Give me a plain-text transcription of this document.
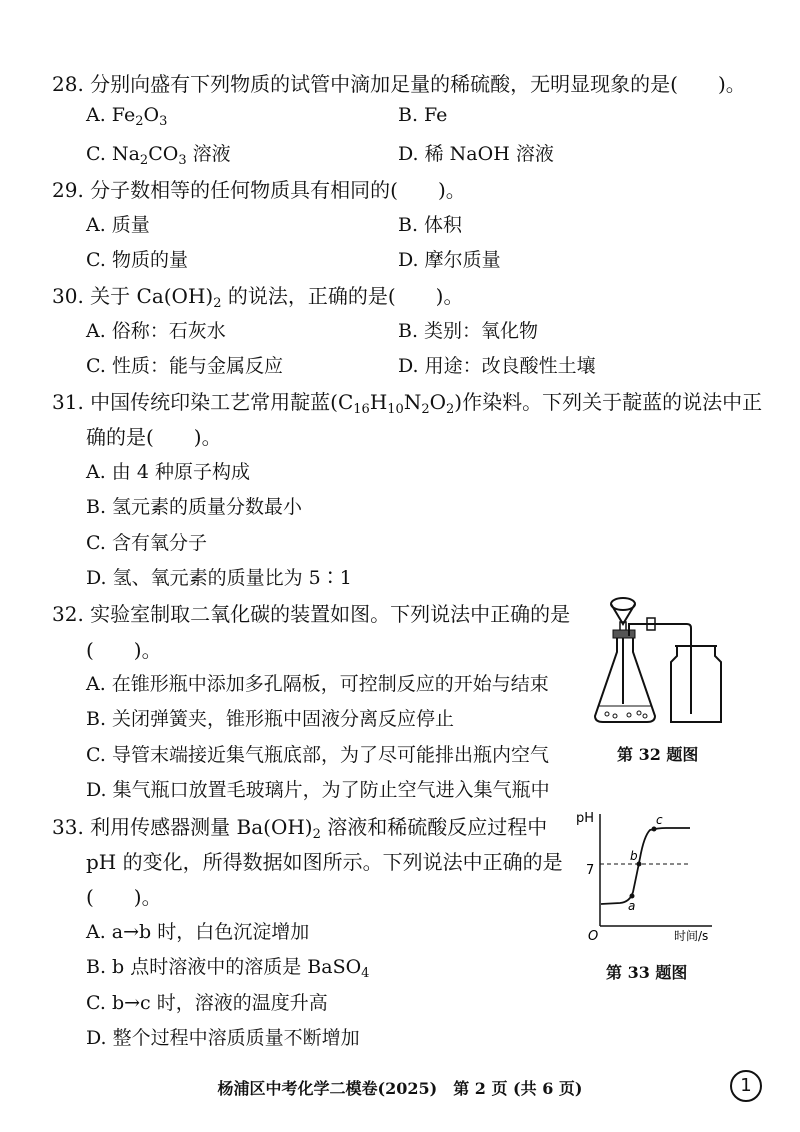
28. 分别向盛有下列物质的试管中滴加足量的稀硫酸，无明显现象的是(　　)。
A. $Fe_2O_3$	B. Fe
C. $Na_2CO_3$ 溶液	D. 稀 NaOH 溶液
29. 分子数相等的任何物质具有相同的(　　)。
A. 质量	B. 体积
C. 物质的量	D. 摩尔质量
30. 关于 $Ca(OH)_2$ 的说法，正确的是(　　)。
A. 俗称：石灰水	B. 类别：氧化物
C. 性质：能与金属反应	D. 用途：改良酸性土壤
31. 中国传统印染工艺常用靛蓝$(C_{16}H_{10}N_2O_2)$作染料。下列关于靛蓝的说法中正
确的是(　　)。
A. 由 4 种原子构成
B. 氢元素的质量分数最小
C. 含有氧分子
D. 氢、氧元素的质量比为 5∶1
32. 实验室制取二氧化碳的装置如图。下列说法中正确的是
(　　)。
A. 在锥形瓶中添加多孔隔板，可控制反应的开始与结束
B. 关闭弹簧夹，锥形瓶中固液分离反应停止
C. 导管末端接近集气瓶底部，为了尽可能排出瓶内空气
D. 集气瓶口放置毛玻璃片，为了防止空气进入集气瓶中
第 32 题图
33. 利用传感器测量 $Ba(OH)_2$ 溶液和稀硫酸反应过程中
pH 的变化，所得数据如图所示。下列说法中正确的是
(　　)。
A. a→b 时，白色沉淀增加
B. b 点时溶液中的溶质是 BaSO$_4$
C. b→c 时，溶液的温度升高
D. 整个过程中溶质质量不断增加
pH
7
O	时间/s
a
b
c
第 33 题图
杨浦区中考化学二模卷(2025)　第 2 页 (共 6 页)	1
